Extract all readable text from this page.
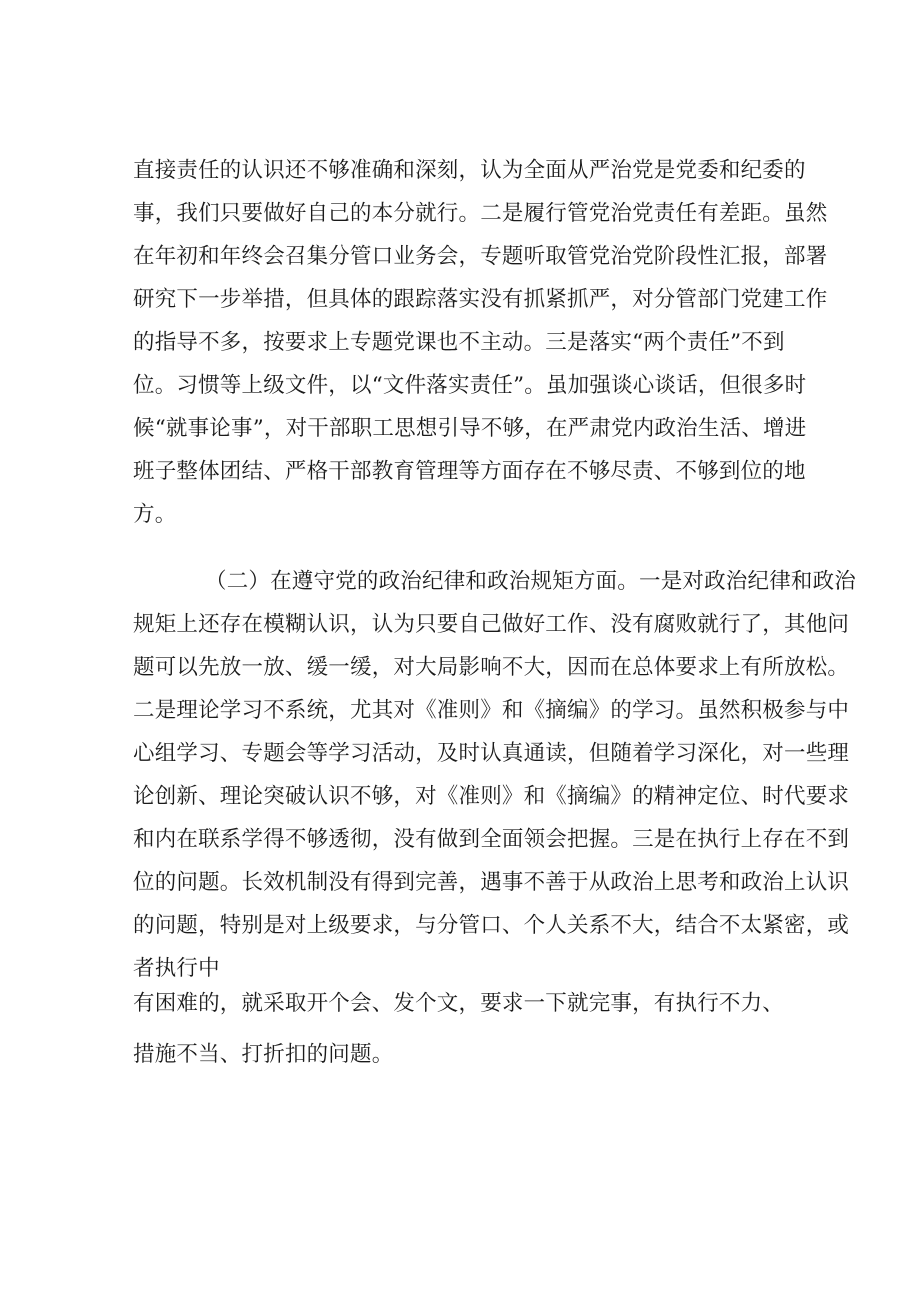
直接责任的认识还不够准确和深刻，认为全面从严治党是党委和纪委的
事，我们只要做好自己的本分就行。二是履行管党治党责任有差距。虽然
在年初和年终会召集分管口业务会，专题听取管党治党阶段性汇报，部署
研究下一步举措，但具体的跟踪落实没有抓紧抓严，对分管部门党建工作
的指导不多，按要求上专题党课也不主动。三是落实“两个责任”不到
位。习惯等上级文件，以“文件落实责任”。虽加强谈心谈话，但很多时
候“就事论事”，对干部职工思想引导不够，在严肃党内政治生活、增进
班子整体团结、严格干部教育管理等方面存在不够尽责、不够到位的地
方。
（二）在遵守党的政治纪律和政治规矩方面。一是对政治纪律和政治
规矩上还存在模糊认识，认为只要自己做好工作、没有腐败就行了，其他问
题可以先放一放、缓一缓，对大局影响不大，因而在总体要求上有所放松。
二是理论学习不系统，尤其对《准则》和《摘编》的学习。虽然积极参与中
心组学习、专题会等学习活动，及时认真通读，但随着学习深化，对一些理
论创新、理论突破认识不够，对《准则》和《摘编》的精神定位、时代要求
和内在联系学得不够透彻，没有做到全面领会把握。三是在执行上存在不到
位的问题。长效机制没有得到完善，遇事不善于从政治上思考和政治上认识
的问题，特别是对上级要求，与分管口、个人关系不大，结合不太紧密，或
者执行中
有困难的，就采取开个会、发个文，要求一下就完事，有执行不力、
措施不当、打折扣的问题。
